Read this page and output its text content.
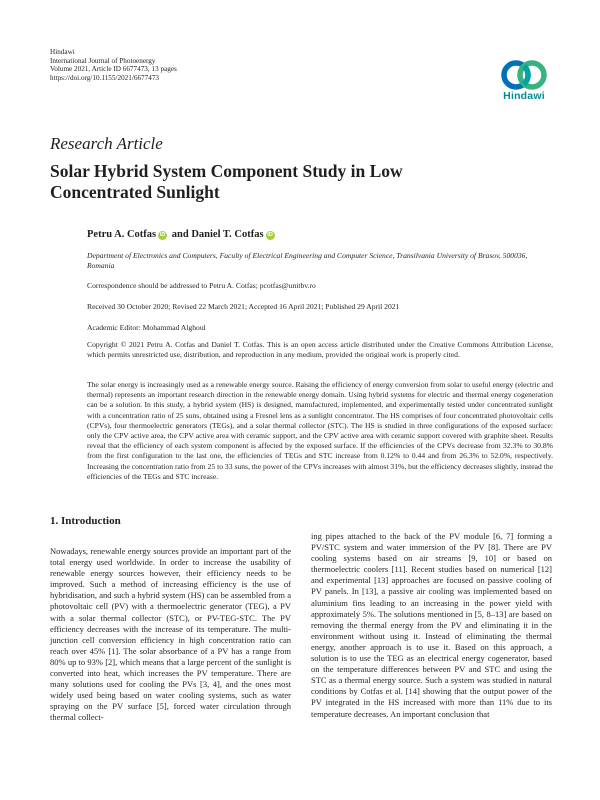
Hindawi
International Journal of Photoenergy
Volume 2021, Article ID 6677473, 13 pages
https://doi.org/10.1155/2021/6677473
Hindawi
Research Article
Solar Hybrid System Component Study in Low Concentrated Sunlight
Petru A. Cotfas iD and Daniel T. Cotfas iD
Department of Electronics and Computers, Faculty of Electrical Engineering and Computer Science, Transilvania University of Brasov, 500036, Romania
Correspondence should be addressed to Petru A. Cotfas; pcotfas@unitbv.ro
Received 30 October 2020; Revised 22 March 2021; Accepted 16 April 2021; Published 29 April 2021
Academic Editor: Mohammad Alghoul
Copyright © 2021 Petru A. Cotfas and Daniel T. Cotfas. This is an open access article distributed under the Creative Commons Attribution License, which permits unrestricted use, distribution, and reproduction in any medium, provided the original work is properly cited.
The solar energy is increasingly used as a renewable energy source. Raising the efficiency of energy conversion from solar to useful energy (electric and thermal) represents an important research direction in the renewable energy domain. Using hybrid systems for electric and thermal energy cogeneration can be a solution. In this study, a hybrid system (HS) is designed, manufactured, implemented, and experimentally tested under concentrated sunlight with a concentration ratio of 25 suns, obtained using a Fresnel lens as a sunlight concentrator. The HS comprises of four concentrated photovoltaic cells (CPVs), four thermoelectric generators (TEGs), and a solar thermal collector (STC). The HS is studied in three configurations of the exposed surface: only the CPV active area, the CPV active area with ceramic support, and the CPV active area with ceramic support covered with graphite sheet. Results reveal that the efficiency of each system component is affected by the exposed surface. If the efficiencies of the CPVs decrease from 32.3% to 30.8% from the first configuration to the last one, the efficiencies of TEGs and STC increase from 0.12% to 0.44 and from 26.3% to 52.0%, respectively. Increasing the concentration ratio from 25 to 33 suns, the power of the CPVs increases with almost 31%, but the efficiency decreases slightly, instead the efficiencies of the TEGs and STC increase.
1. Introduction
Nowadays, renewable energy sources provide an important part of the total energy used worldwide. In order to increase the usability of renewable energy sources however, their efficiency needs to be improved. Such a method of increasing efficiency is the use of hybridisation, and such a hybrid system (HS) can be assembled from a photovoltaic cell (PV) with a thermoelectric generator (TEG), a PV with a solar thermal collector (STC), or PV-TEG-STC. The PV efficiency decreases with the increase of its temperature. The multi-junction cell conversion efficiency in high concentration ratio can reach over 45% [1]. The solar absorbance of a PV has a range from 80% up to 93% [2], which means that a large percent of the sunlight is converted into heat, which increases the PV temperature. There are many solutions used for cooling the PVs [3, 4], and the ones most widely used being based on water cooling systems, such as water spraying on the PV surface [5], forced water circulation through thermal collect-
ing pipes attached to the back of the PV module [6, 7] forming a PV/STC system and water immersion of the PV [8]. There are PV cooling systems based on air streams [9, 10] or based on thermoelectric coolers [11]. Recent studies based on numerical [12] and experimental [13] approaches are focused on passive cooling of PV panels. In [13], a passive air cooling was implemented based on aluminium fins leading to an increasing in the power yield with approximately 5%. The solutions mentioned in [5, 8–13] are based on removing the thermal energy from the PV and eliminating it in the environment without using it. Instead of eliminating the thermal energy, another approach is to use it. Based on this approach, a solution is to use the TEG as an electrical energy cogenerator, based on the temperature differences between PV and STC and using the STC as a thermal energy source. Such a system was studied in natural conditions by Cotfas et al. [14] showing that the output power of the PV integrated in the HS increased with more than 11% due to its temperature decreases. An important conclusion that
